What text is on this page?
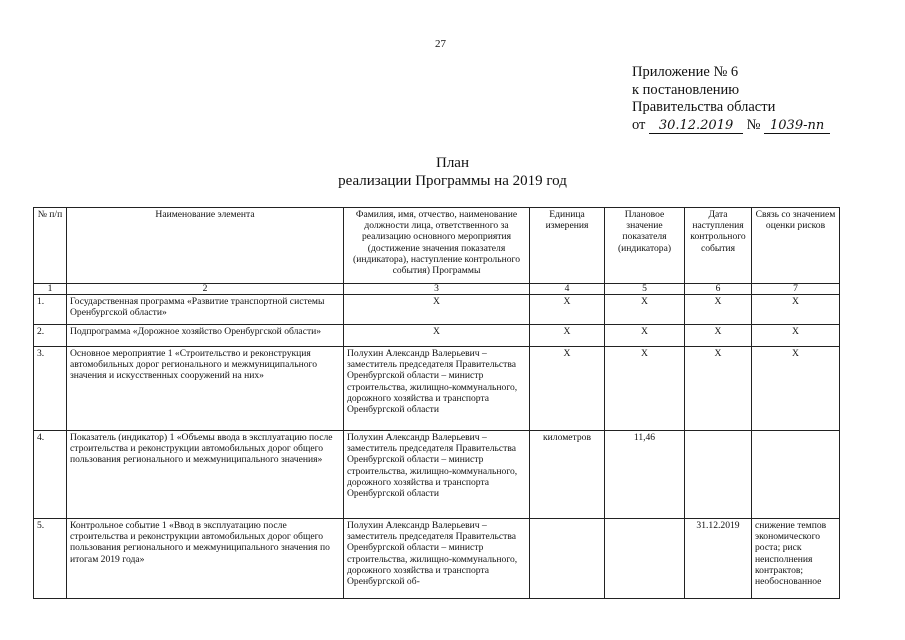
27
Приложение № 6
к постановлению
Правительства области
от 30.12.2019 № 1039-пп
План
реализации Программы на 2019 год
№ п/п	Наименование элемента	Фамилия, имя, отчество, наименование должности лица, ответственного за реализацию основного мероприятия (достижение значения показателя (индикатора), наступление контрольного события) Программы	Единица измерения	Плановое значение показателя (индикатора)	Дата наступления контрольного события	Связь со значением оценки рисков
1	2	3	4	5	6	7
1.	Государственная программа «Развитие транспортной системы Оренбургской области»	X	X	X	X	X
2.	Подпрограмма «Дорожное хозяйство Оренбургской области»	X	X	X	X	X
3.	Основное мероприятие 1 «Строительство и реконструкция автомобильных дорог регионального и межмуниципального значения и искусственных сооружений на них»	Полухин Александр Валерьевич – заместитель председателя Правительства Оренбургской области – министр строительства, жилищно-коммунального, дорожного хозяйства и транспорта Оренбургской области	X	X	X	X
4.	Показатель (индикатор) 1 «Объемы ввода в эксплуатацию после строительства и реконструкции автомобильных дорог общего пользования регионального и межмуниципального значения»	Полухин Александр Валерьевич – заместитель председателя Правительства Оренбургской области – министр строительства, жилищно-коммунального, дорожного хозяйства и транспорта Оренбургской области	километров	11,46		
5.	Контрольное событие 1 «Ввод в эксплуатацию после строительства и реконструкции автомобильных дорог общего пользования регионального и межмуниципального значения по итогам 2019 года»	Полухин Александр Валерьевич – заместитель председателя Правительства Оренбургской области – министр строительства, жилищно-коммунального, дорожного хозяйства и транспорта Оренбургской об-			31.12.2019	снижение темпов экономического роста; риск неисполнения контрактов; необоснованное
